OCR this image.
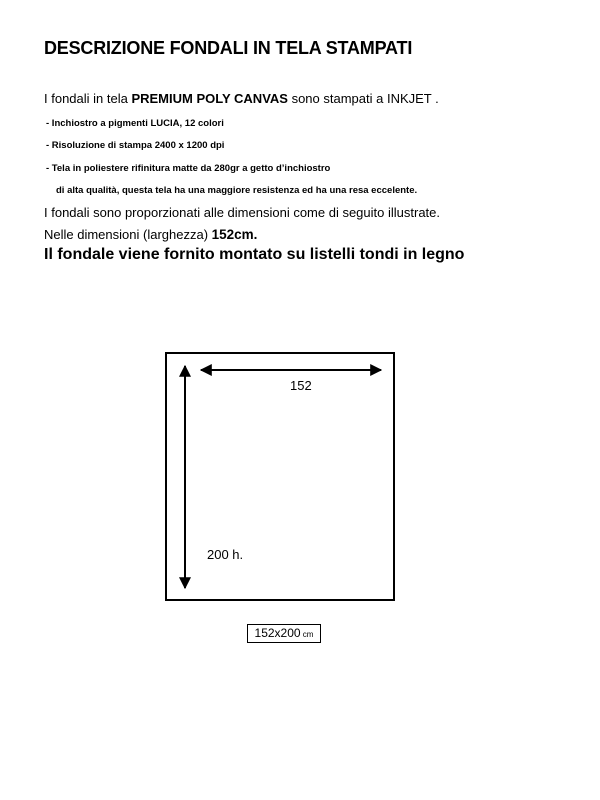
DESCRIZIONE FONDALI IN TELA STAMPATI
I fondali in tela PREMIUM POLY CANVAS sono stampati a INKJET .
- Inchiostro a pigmenti LUCIA, 12 colori
- Risoluzione di stampa 2400 x 1200 dpi
- Tela in poliestere rifinitura matte da 280gr a getto d’inchiostro
di alta qualità, questa tela ha una maggiore resistenza ed ha una resa eccelente.
I fondali sono proporzionati alle dimensioni come di seguito illustrate.
Nelle dimensioni (larghezza) 152cm.
Il fondale viene fornito montato su listelli tondi in legno
152
200 h.
152x200 cm
